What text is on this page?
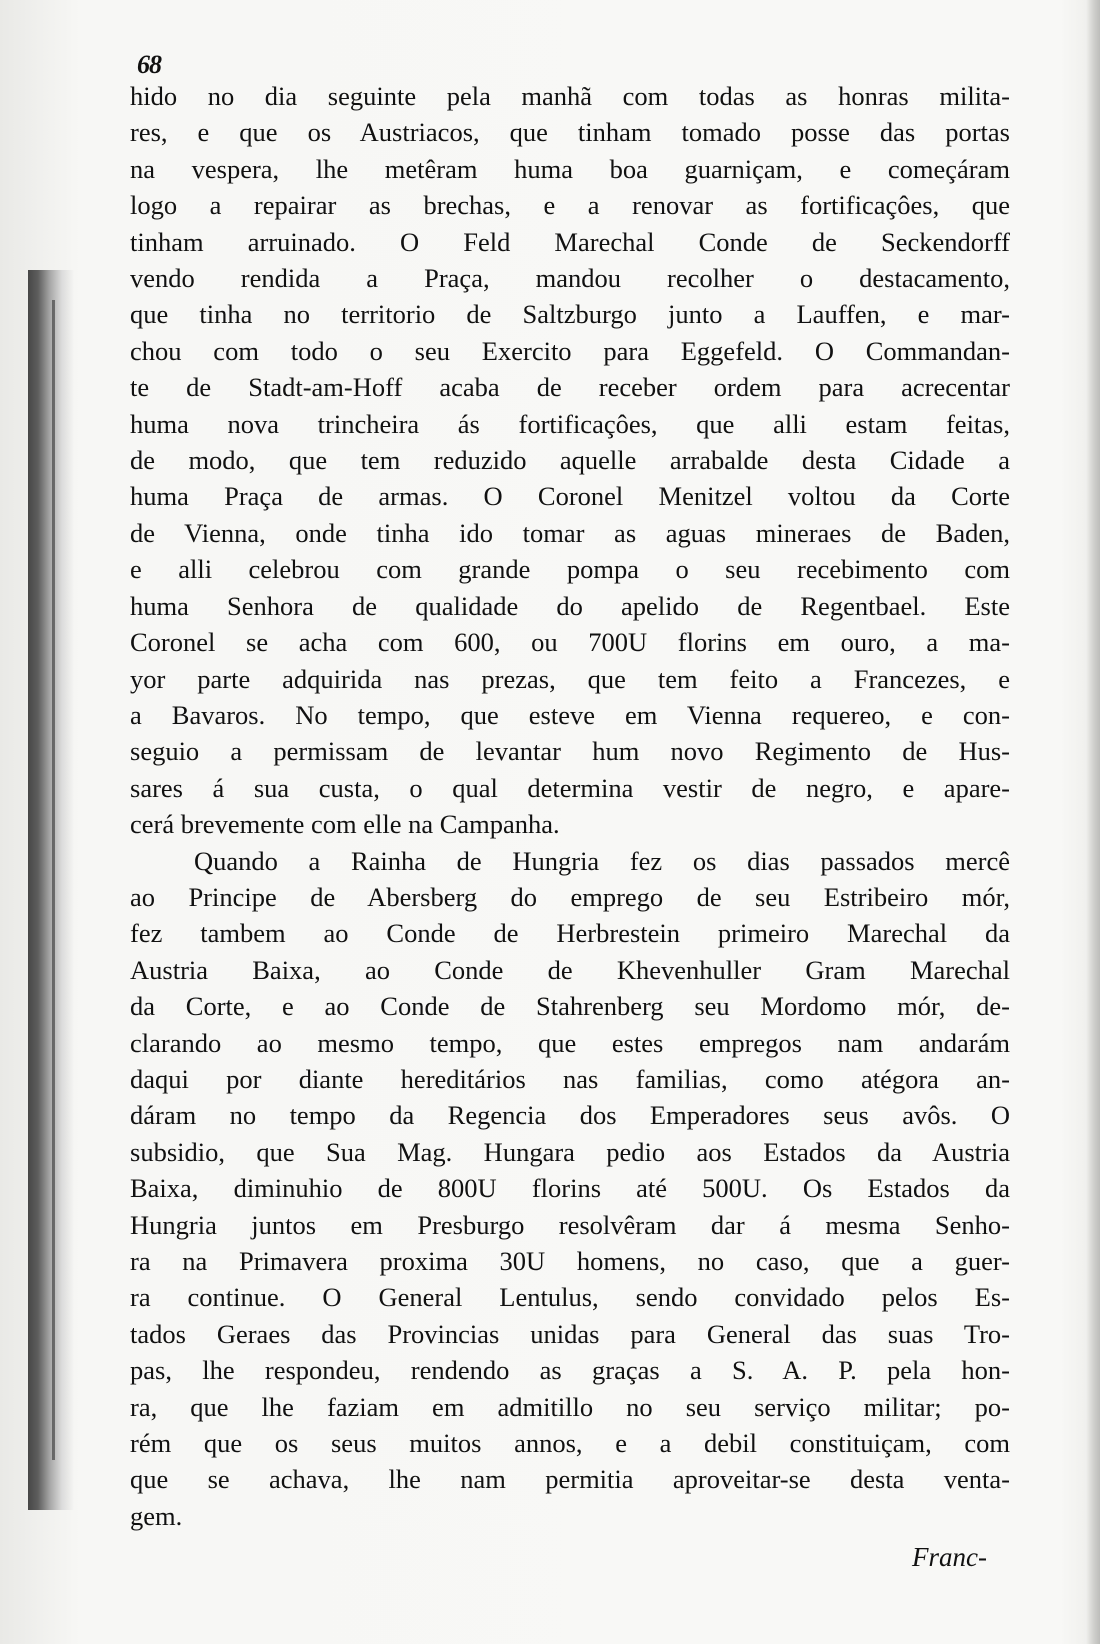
68
hido no dia seguinte pela manhã com todas as honras milita-
res, e que os Austriacos, que tinham tomado posse das portas
na vespera, lhe metêram huma boa guarniçam, e começáram
logo a repairar as brechas, e a renovar as fortificaçôes, que
tinham arruinado. O Feld Marechal Conde de Seckendorff
vendo rendida a Praça, mandou recolher o destacamento,
que tinha no territorio de Saltzburgo junto a Lauffen, e mar-
chou com todo o seu Exercito para Eggefeld. O Commandan-
te de Stadt-am-Hoff acaba de receber ordem para acrecentar
huma nova trincheira ás fortificaçôes, que alli estam feitas,
de modo, que tem reduzido aquelle arrabalde desta Cidade a
huma Praça de armas. O Coronel Menitzel voltou da Corte
de Vienna, onde tinha ido tomar as aguas mineraes de Baden,
e alli celebrou com grande pompa o seu recebimento com
huma Senhora de qualidade do apelido de Regentbael. Este
Coronel se acha com 600, ou 700U florins em ouro, a ma-
yor parte adquirida nas prezas, que tem feito a Francezes, e
a Bavaros. No tempo, que esteve em Vienna requereo, e con-
seguio a permissam de levantar hum novo Regimento de Hus-
sares á sua custa, o qual determina vestir de negro, e apare-
cerá brevemente com elle na Campanha.
Quando a Rainha de Hungria fez os dias passados mercê
ao Principe de Abersberg do emprego de seu Estribeiro mór,
fez tambem ao Conde de Herbrestein primeiro Marechal da
Austria Baixa, ao Conde de Khevenhuller Gram Marechal
da Corte, e ao Conde de Stahrenberg seu Mordomo mór, de-
clarando ao mesmo tempo, que estes empregos nam andarám
daqui por diante hereditários nas familias, como atégora an-
dáram no tempo da Regencia dos Emperadores seus avôs. O
subsidio, que Sua Mag. Hungara pedio aos Estados da Austria
Baixa, diminuhio de 800U florins até 500U. Os Estados da
Hungria juntos em Presburgo resolvêram dar á mesma Senho-
ra na Primavera proxima 30U homens, no caso, que a guer-
ra continue. O General Lentulus, sendo convidado pelos Es-
tados Geraes das Provincias unidas para General das suas Tro-
pas, lhe respondeu, rendendo as graças a S. A. P. pela hon-
ra, que lhe faziam em admitillo no seu serviço militar; po-
rém que os seus muitos annos, e a debil constituiçam, com
que se achava, lhe nam permitia aproveitar-se desta venta-
gem.
Franc-
